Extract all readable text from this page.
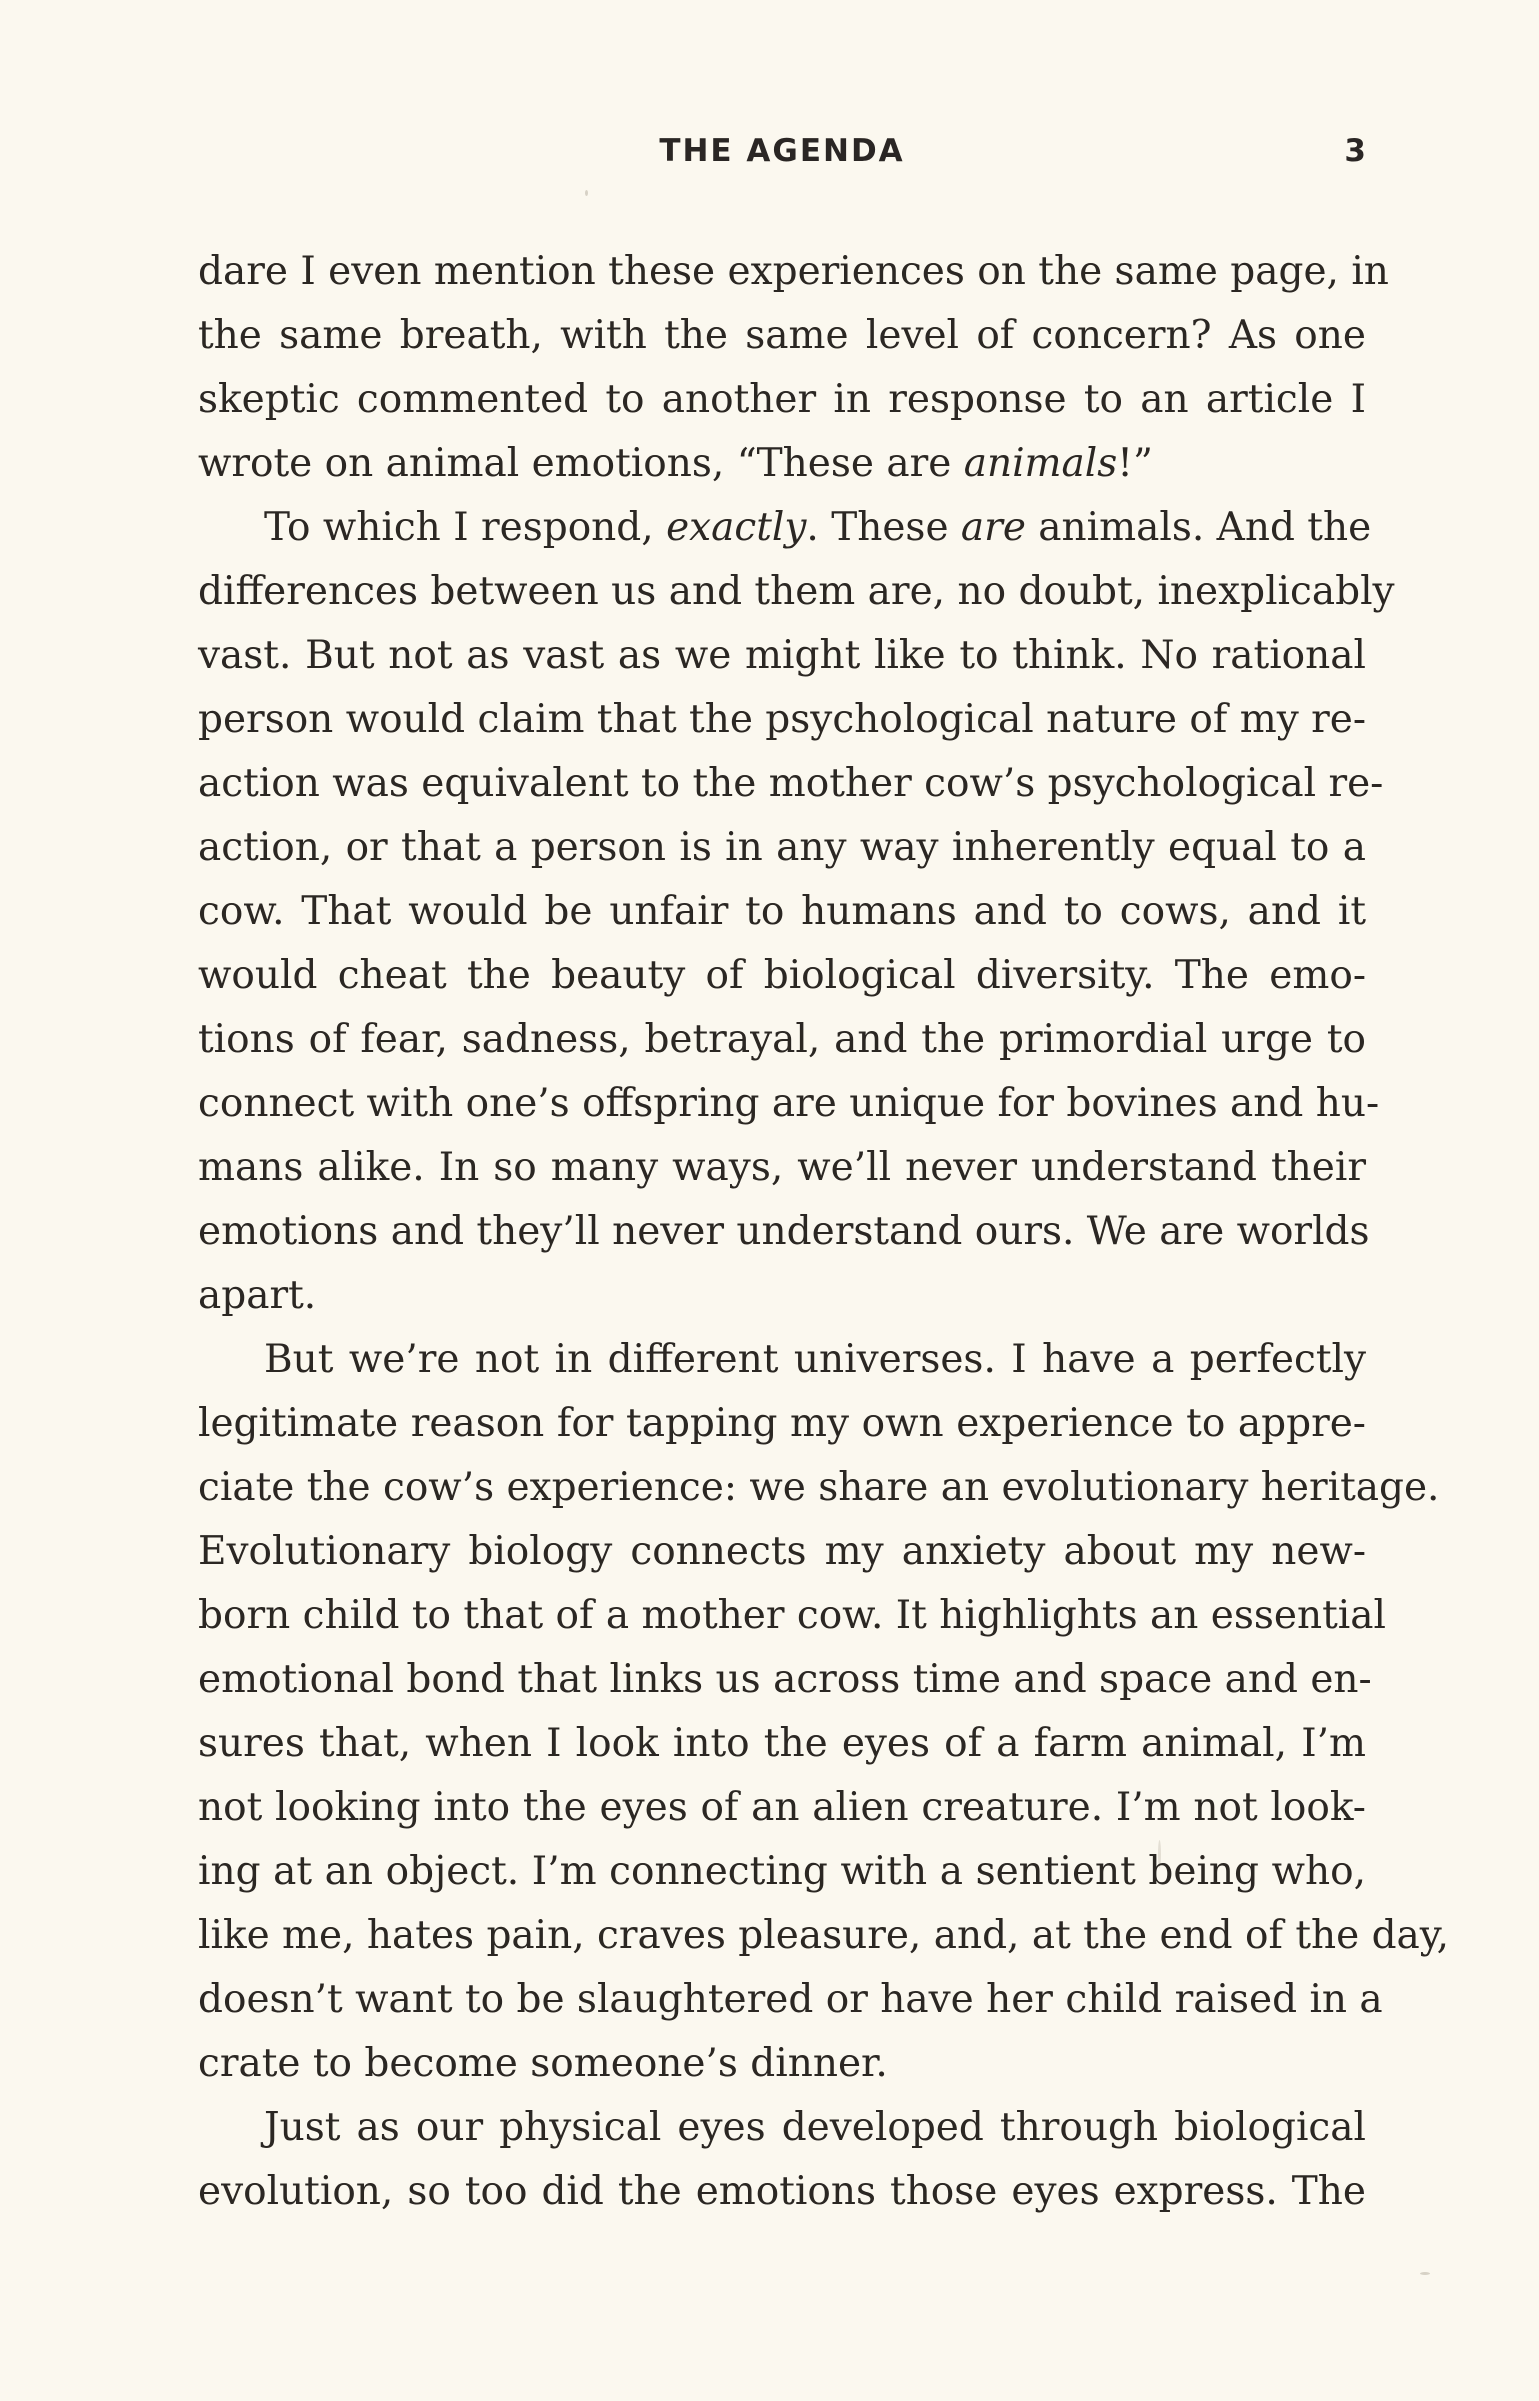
THE AGENDA	3
dare I even mention these experiences on the same page, in
the same breath, with the same level of concern? As one
skeptic commented to another in response to an article I
wrote on animal emotions, “These are animals!”
To which I respond, exactly. These are animals. And the
differences between us and them are, no doubt, inexplicably
vast. But not as vast as we might like to think. No rational
person would claim that the psychological nature of my re-
action was equivalent to the mother cow’s psychological re-
action, or that a person is in any way inherently equal to a
cow. That would be unfair to humans and to cows, and it
would cheat the beauty of biological diversity. The emo-
tions of fear, sadness, betrayal, and the primordial urge to
connect with one’s offspring are unique for bovines and hu-
mans alike. In so many ways, we’ll never understand their
emotions and they’ll never understand ours. We are worlds
apart.
But we’re not in different universes. I have a perfectly
legitimate reason for tapping my own experience to appre-
ciate the cow’s experience: we share an evolutionary heritage.
Evolutionary biology connects my anxiety about my new-
born child to that of a mother cow. It highlights an essential
emotional bond that links us across time and space and en-
sures that, when I look into the eyes of a farm animal, I’m
not looking into the eyes of an alien creature. I’m not look-
ing at an object. I’m connecting with a sentient being who,
like me, hates pain, craves pleasure, and, at the end of the day,
doesn’t want to be slaughtered or have her child raised in a
crate to become someone’s dinner.
Just as our physical eyes developed through biological
evolution, so too did the emotions those eyes express. The
